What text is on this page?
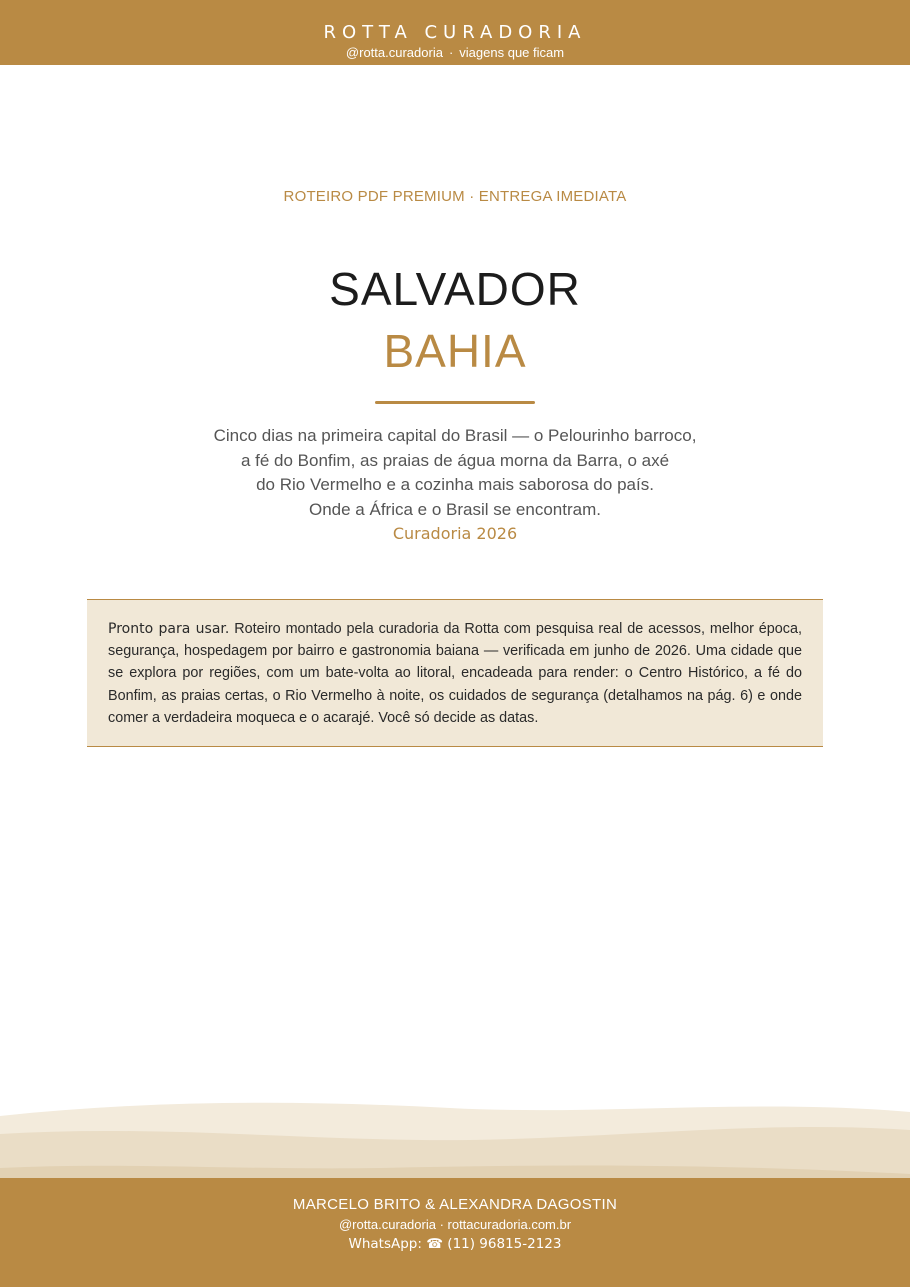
ROTTA CURADORIA
@rotta.curadoria · viagens que ficam
ROTEIRO PDF PREMIUM · ENTREGA IMEDIATA
SALVADOR
BAHIA
Cinco dias na primeira capital do Brasil — o Pelourinho barroco,
a fé do Bonfim, as praias de água morna da Barra, o axé
do Rio Vermelho e a cozinha mais saborosa do país.
Onde a África e o Brasil se encontram.
Curadoria 2026

Pronto para usar. Roteiro montado pela curadoria da Rotta com pesquisa real de acessos, melhor época, segurança, hospedagem por bairro e gastronomia baiana — verificada em junho de 2026. Uma cidade que se explora por regiões, com um bate-volta ao litoral, encadeada para render: o Centro Histórico, a fé do Bonfim, as praias certas, o Rio Vermelho à noite, os cuidados de segurança (detalhamos na pág. 6) e onde comer a verdadeira moqueca e o acarajé. Você só decide as datas.

MARCELO BRITO & ALEXANDRA DAGOSTIN
@rotta.curadoria · rottacuradoria.com.br
WhatsApp: ☎ (11) 96815-2123
